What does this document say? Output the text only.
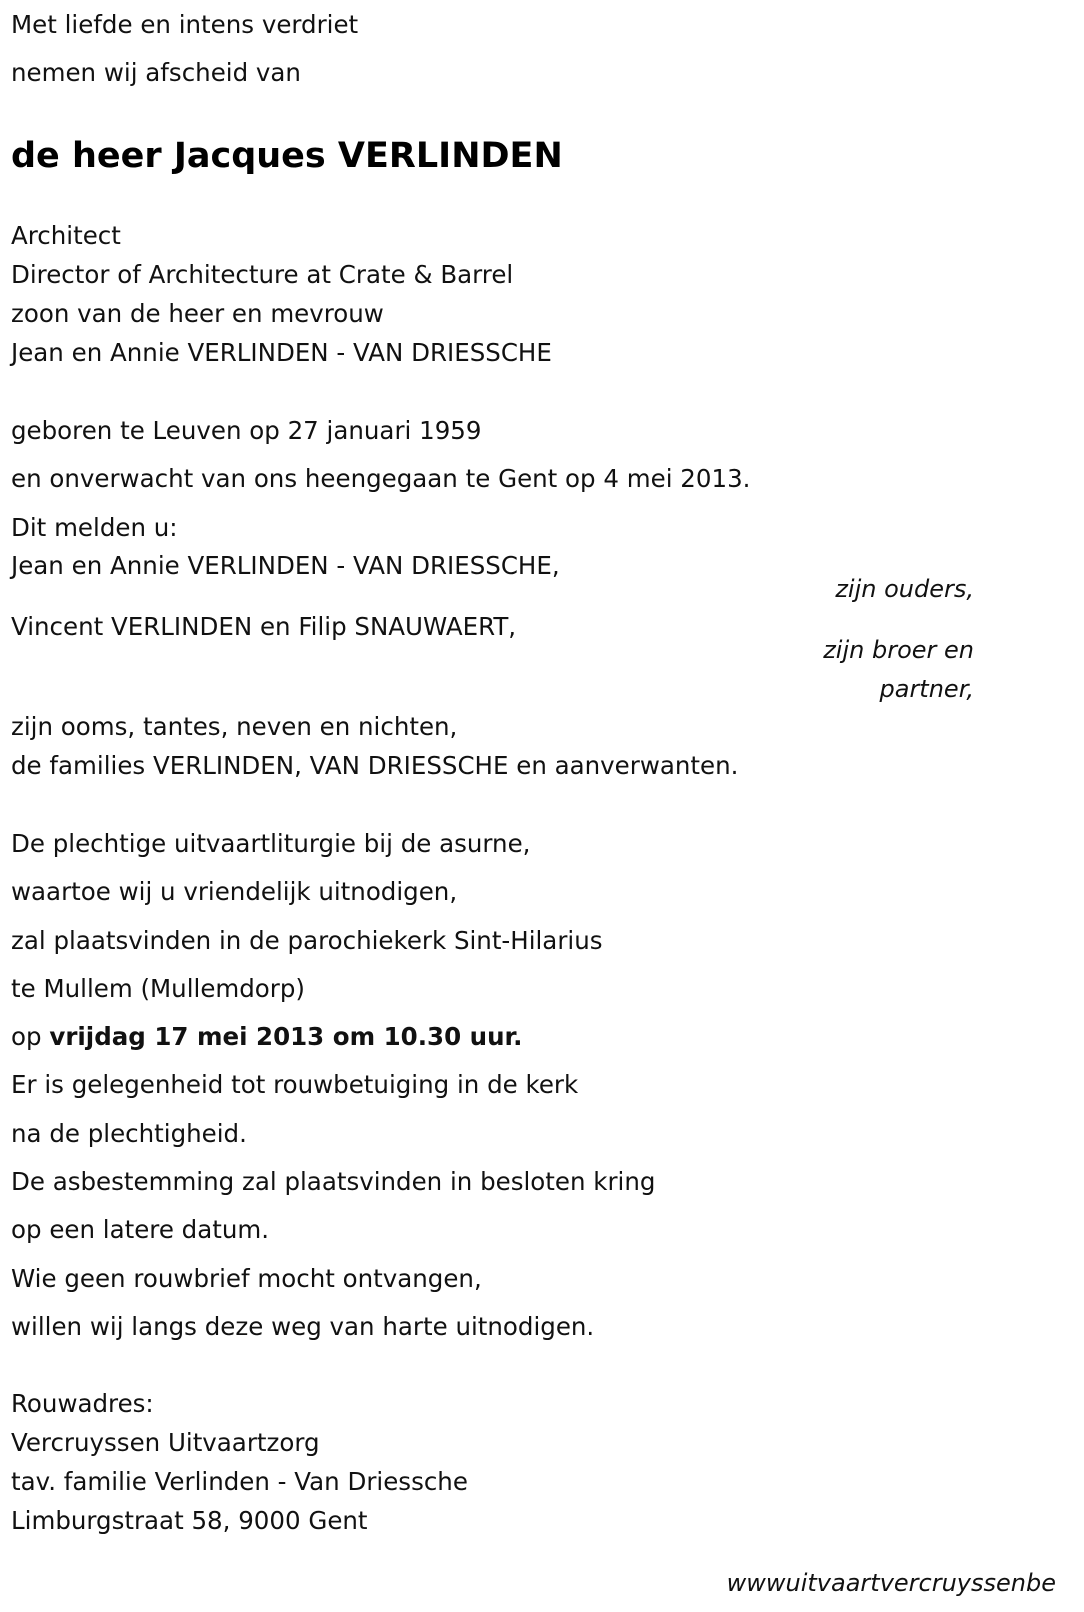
Met liefde en intens verdriet
nemen wij afscheid van
de heer Jacques VERLINDEN
Architect
Director of Architecture at Crate & Barrel
zoon van de heer en mevrouw
Jean en Annie VERLINDEN - VAN DRIESSCHE
geboren te Leuven op 27 januari 1959
en onverwacht van ons heengegaan te Gent op 4 mei 2013.
Dit melden u:
Jean en Annie VERLINDEN - VAN DRIESSCHE,
zijn ouders,
Vincent VERLINDEN en Filip SNAUWAERT,
zijn broer en
partner,
zijn ooms, tantes, neven en nichten,
de families VERLINDEN, VAN DRIESSCHE en aanverwanten.
De plechtige uitvaartliturgie bij de asurne,
waartoe wij u vriendelijk uitnodigen,
zal plaatsvinden in de parochiekerk Sint-Hilarius
te Mullem (Mullemdorp)
op vrijdag 17 mei 2013 om 10.30 uur.
Er is gelegenheid tot rouwbetuiging in de kerk
na de plechtigheid.
De asbestemming zal plaatsvinden in besloten kring
op een latere datum.
Wie geen rouwbrief mocht ontvangen,
willen wij langs deze weg van harte uitnodigen.
Rouwadres:
Vercruyssen Uitvaartzorg
tav. familie Verlinden - Van Driessche
Limburgstraat 58, 9000 Gent
wwwuitvaartvercruyssenbe
